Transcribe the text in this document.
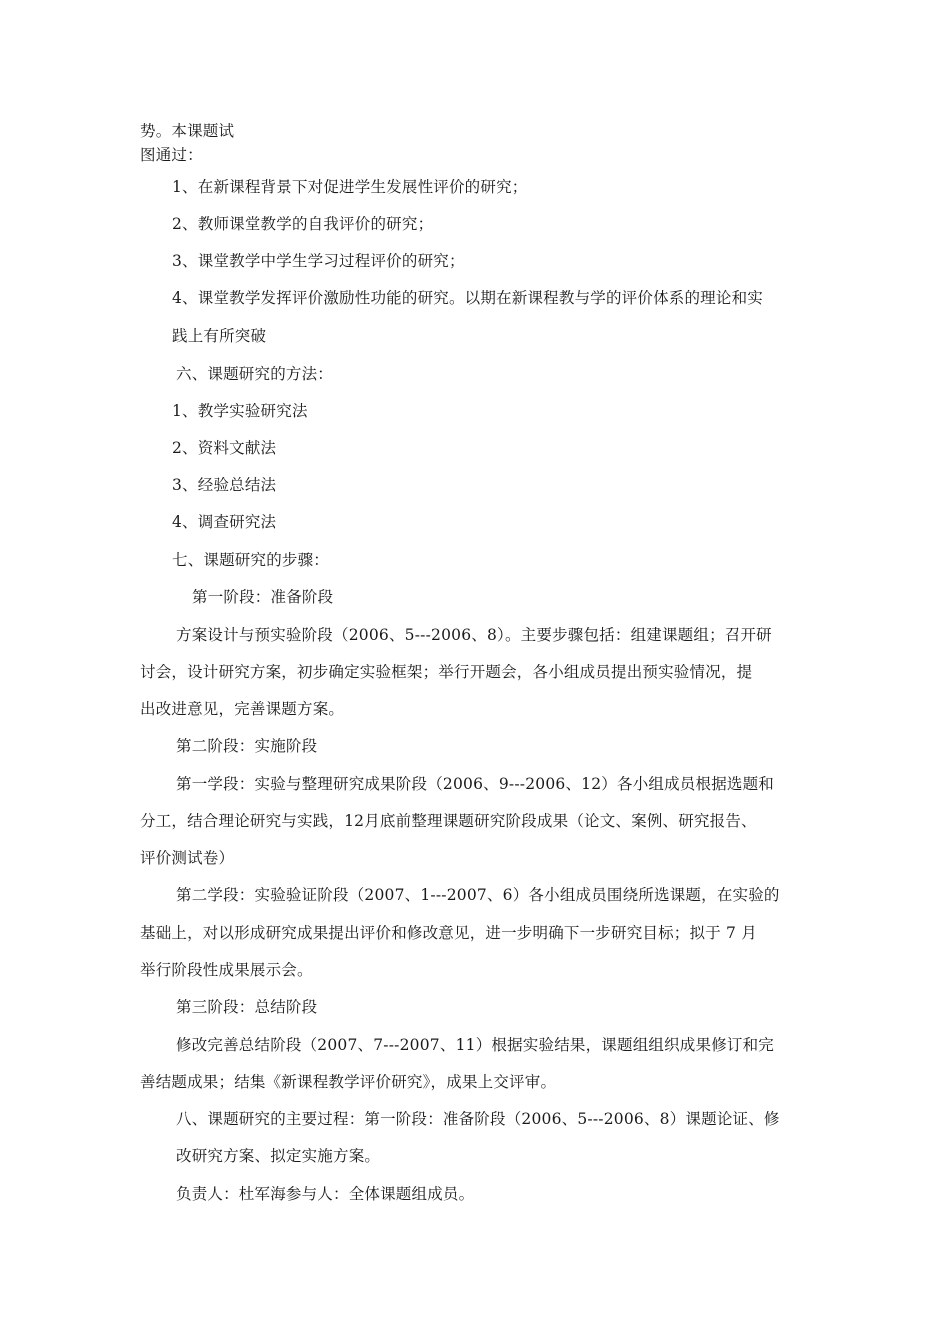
势。本课题试
图通过：
1、在新课程背景下对促进学生发展性评价的研究；
2、教师课堂教学的自我评价的研究；
3、课堂教学中学生学习过程评价的研究；
4、课堂教学发挥评价激励性功能的研究。以期在新课程教与学的评价体系的理论和实
践上有所突破
六、课题研究的方法：
1、教学实验研究法
2、资料文献法
3、经验总结法
4、调查研究法
七、课题研究的步骤：
第一阶段：准备阶段
方案设计与预实验阶段（2006、5---2006、8）。主要步骤包括：组建课题组；召开研
讨会，设计研究方案，初步确定实验框架；举行开题会，各小组成员提出预实验情况，提
出改进意见，完善课题方案。
第二阶段：实施阶段
第一学段：实验与整理研究成果阶段（2006、9---2006、12）各小组成员根据选题和
分工，结合理论研究与实践，12月底前整理课题研究阶段成果（论文、案例、研究报告、
评价测试卷）
第二学段：实验验证阶段（2007、1---2007、6）各小组成员围绕所选课题，在实验的
基础上，对以形成研究成果提出评价和修改意见，进一步明确下一步研究目标；拟于 7 月
举行阶段性成果展示会。
第三阶段：总结阶段
修改完善总结阶段（2007、7---2007、11）根据实验结果，课题组组织成果修订和完
善结题成果；结集《新课程教学评价研究》，成果上交评审。
八、课题研究的主要过程：第一阶段：准备阶段（2006、5---2006、8）课题论证、修
改研究方案、拟定实施方案。
负责人：杜军海参与人：全体课题组成员。
